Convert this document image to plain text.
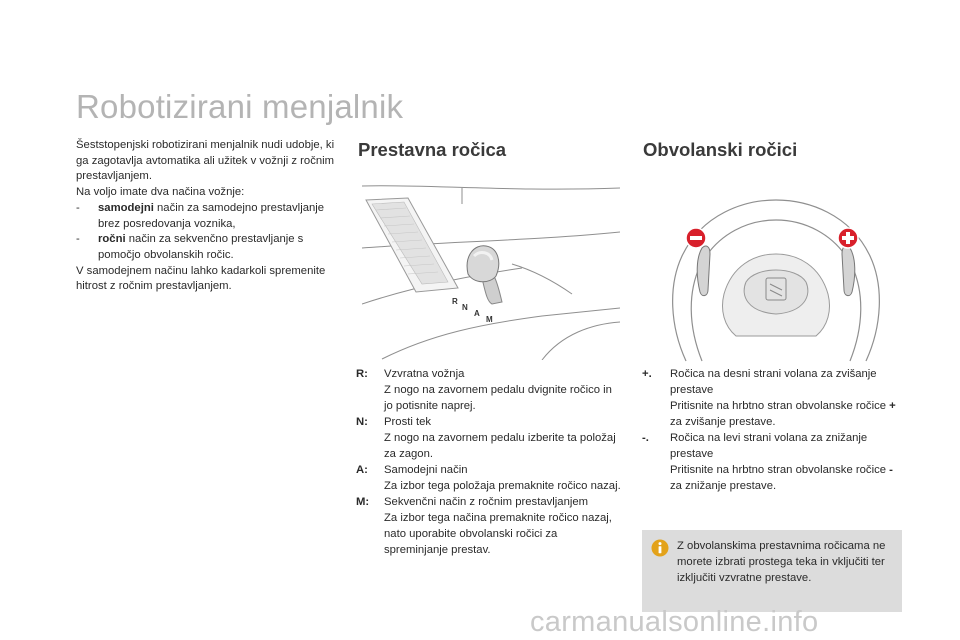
Robotizirani menjalnik

Šeststopenjski robotizirani menjalnik nudi udobje, ki ga zagotavlja avtomatika ali užitek v vožnji z ročnim prestavljanjem.

Na voljo imate dva načina vožnje:

- samodejni način za samodejno prestavljanje brez posredovanja voznika,

- ročni način za sekvenčno prestavljanje s pomočjo obvolanskih ročic.

V samodejnem načinu lahko kadarkoli spremenite hitrost z ročnim prestavljanjem.

Prestavna ročica
R
N
A
M
R: Vzvratna vožnja
Z nogo na zavornem pedalu dvignite ročico in jo potisnite naprej.
N: Prosti tek
Z nogo na zavornem pedalu izberite ta položaj za zagon.
A: Samodejni način
Za izbor tega položaja premaknite ročico nazaj.
M: Sekvenčni način z ročnim prestavljanjem
Za izbor tega načina premaknite ročico nazaj, nato uporabite obvolanski ročici za spreminjanje prestav.
Obvolanski ročici
+. Ročica na desni strani volana za zvišanje prestave
Pritisnite na hrbtno stran obvolanske ročice + za zvišanje prestave.
-. Ročica na levi strani volana za znižanje prestave
Pritisnite na hrbtno stran obvolanske ročice - za znižanje prestave.
Z obvolanskima prestavnima ročicama ne morete izbrati prostega teka in vključiti ter izključiti vzvratne prestave.
carmanualsonline.info
